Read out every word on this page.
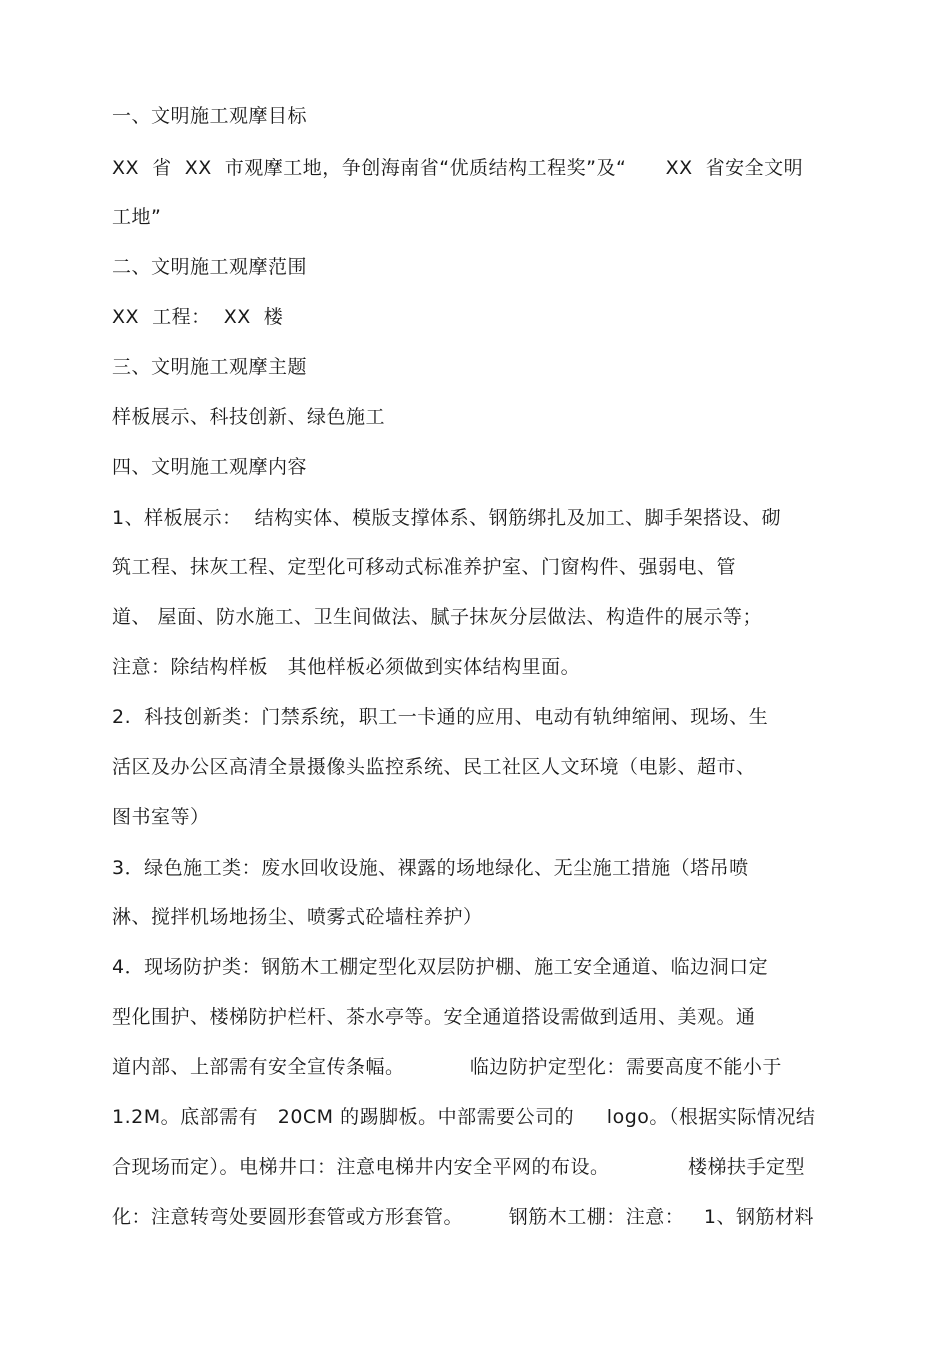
一、文明施工观摩目标
XX  省  XX  市观摩工地，争创海南省“优质结构工程奖”及“      XX  省安全文明
工地”
二、文明施工观摩范围
XX  工程：  XX  楼
三、文明施工观摩主题
样板展示、科技创新、绿色施工
四、文明施工观摩内容
1、样板展示：  结构实体、模版支撑体系、钢筋绑扎及加工、脚手架搭设、砌
筑工程、抹灰工程、定型化可移动式标准养护室、门窗构件、强弱电、管
道、 屋面、防水施工、卫生间做法、腻子抹灰分层做法、构造件的展示等；
注意：除结构样板   其他样板必须做到实体结构里面。
2.  科技创新类：门禁系统，职工一卡通的应用、电动有轨绅缩闸、现场、生
活区及办公区高清全景摄像头监控系统、民工社区人文环境（电影、超市、
图书室等）
3．绿色施工类：废水回收设施、裸露的场地绿化、无尘施工措施（塔吊喷
淋、搅拌机场地扬尘、喷雾式砼墙柱养护）
4．现场防护类：钢筋木工棚定型化双层防护棚、施工安全通道、临边洞口定
型化围护、楼梯防护栏杆、茶水亭等。安全通道搭设需做到适用、美观。通
道内部、上部需有安全宣传条幅。          临边防护定型化：需要高度不能小于
1.2M。底部需有   20CM 的踢脚板。中部需要公司的     logo。（根据实际情况结
合现场而定）。电梯井口：注意电梯井内安全平网的布设。            楼梯扶手定型
化：注意转弯处要圆形套管或方形套管。       钢筋木工棚：注意：   1、钢筋材料
